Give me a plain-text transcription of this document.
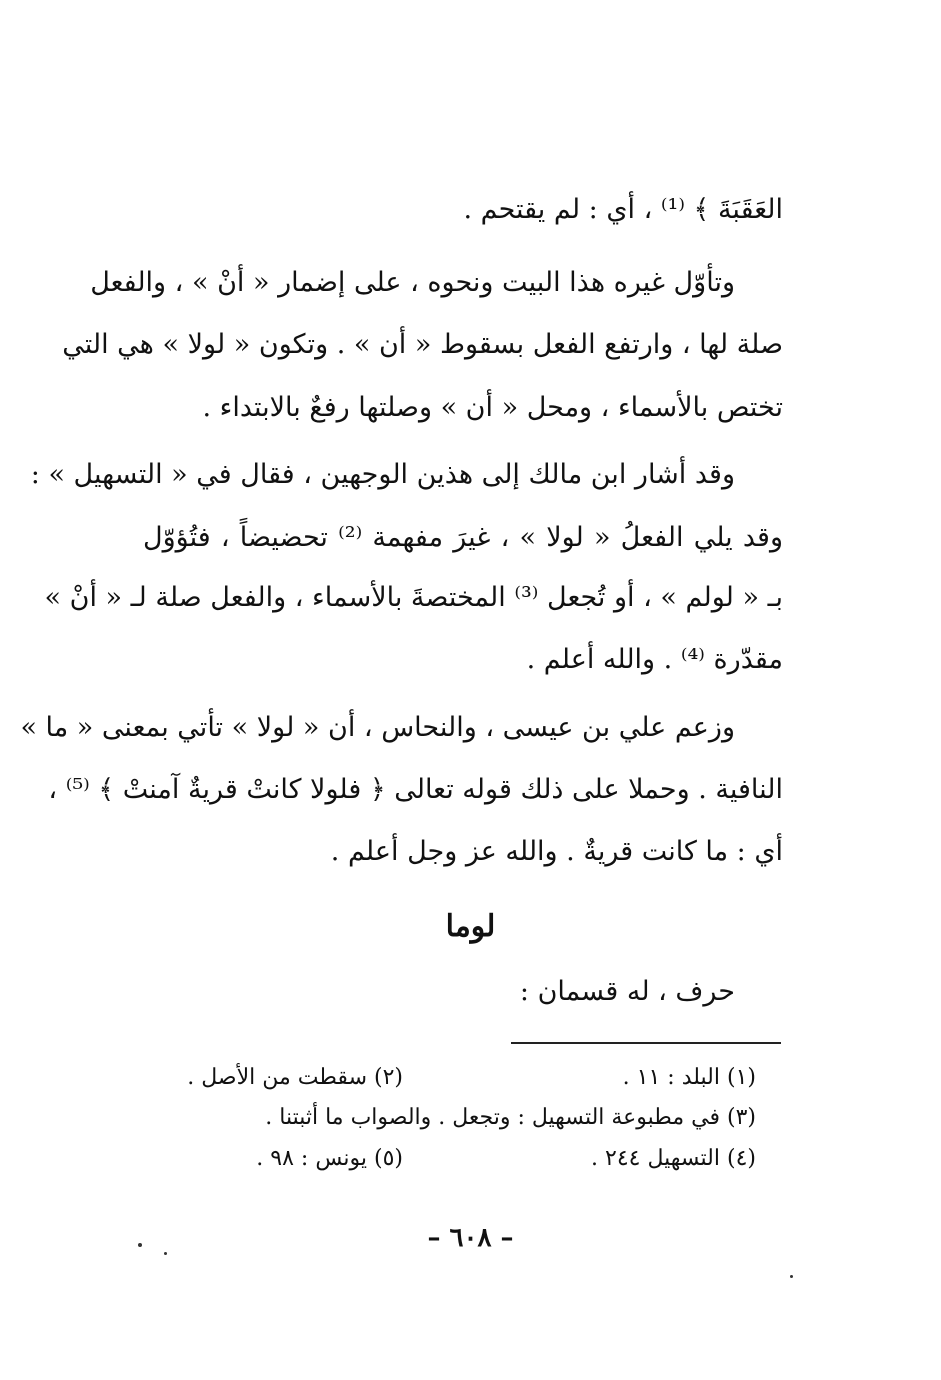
العَقَبَةَ ﴾ ⁽¹⁾ ، أي : لم يقتحم .
وتأوّل غيره هذا البيت ونحوه ، على إضمار « أنْ » ، والفعل
صلة لها ، وارتفع الفعل بسقوط « أن » . وتكون « لولا » هي التي
تختص بالأسماء ، ومحل « أن » وصلتها رفعٌ بالابتداء .
وقد أشار ابن مالك إلى هذين الوجهين ، فقال في « التسهيل » :
وقد يلي الفعلُ « لولا » ، غيرَ مفهمة ⁽²⁾ تحضيضاً ، فتُؤوّل
بـ « لولم » ، أو تُجعل ⁽³⁾ المختصةَ بالأسماء ، والفعل صلة لـ « أنْ »
مقدّرة ⁽⁴⁾ . والله أعلم .
وزعم علي بن عيسى ، والنحاس ، أن « لولا » تأتي بمعنى « ما »
النافية . وحملا على ذلك قوله تعالى ﴿ فلولا كانتْ قريةٌ آمنتْ ﴾ ⁽⁵⁾ ،
أي : ما كانت قريةٌ . والله عز وجل أعلم .
لوما
حرف ، له قسمان :
(١) البلد : ١١ .
(٢) سقطت من الأصل .
(٣) في مطبوعة التسهيل : وتجعل . والصواب ما أثبتنا .
(٤) التسهيل ٢٤٤ .
(٥) يونس : ٩٨ .
– ٦٠٨ –
